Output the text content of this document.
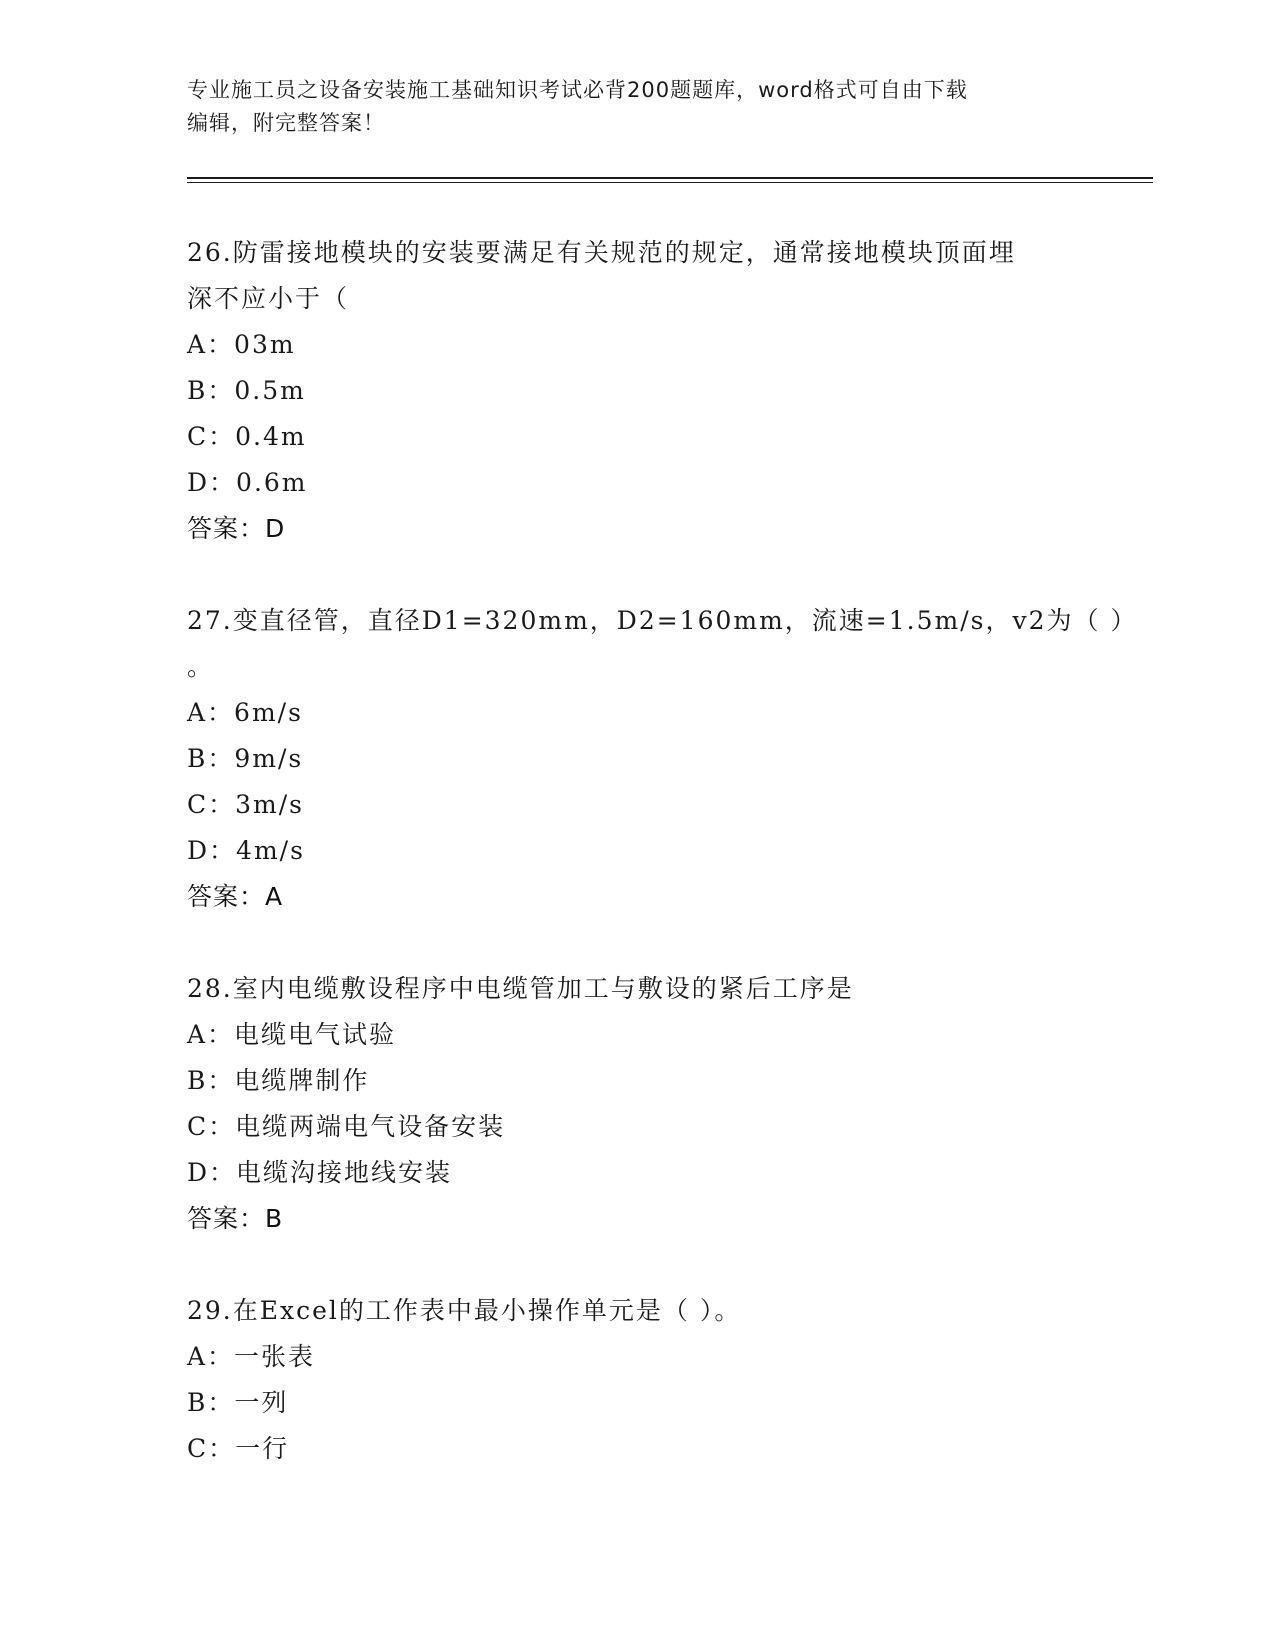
专业施工员之设备安装施工基础知识考试必背200题题库，word格式可自由下载
编辑，附完整答案！
26.防雷接地模块的安装要满足有关规范的规定，通常接地模块顶面埋
深不应小于（
A：03m
B：0.5m
C：0.4m
D：0.6m
答案：D
27.变直径管，直径D1=320mm，D2=160mm，流速=1.5m/s，v2为（ ）
。
A：6m/s
B：9m/s
C：3m/s
D：4m/s
答案：A
28.室内电缆敷设程序中电缆管加工与敷设的紧后工序是
A：电缆电气试验
B：电缆牌制作
C：电缆两端电气设备安装
D：电缆沟接地线安装
答案：B
29.在Excel的工作表中最小操作单元是（ ）。
A：一张表
B：一列
C：一行
